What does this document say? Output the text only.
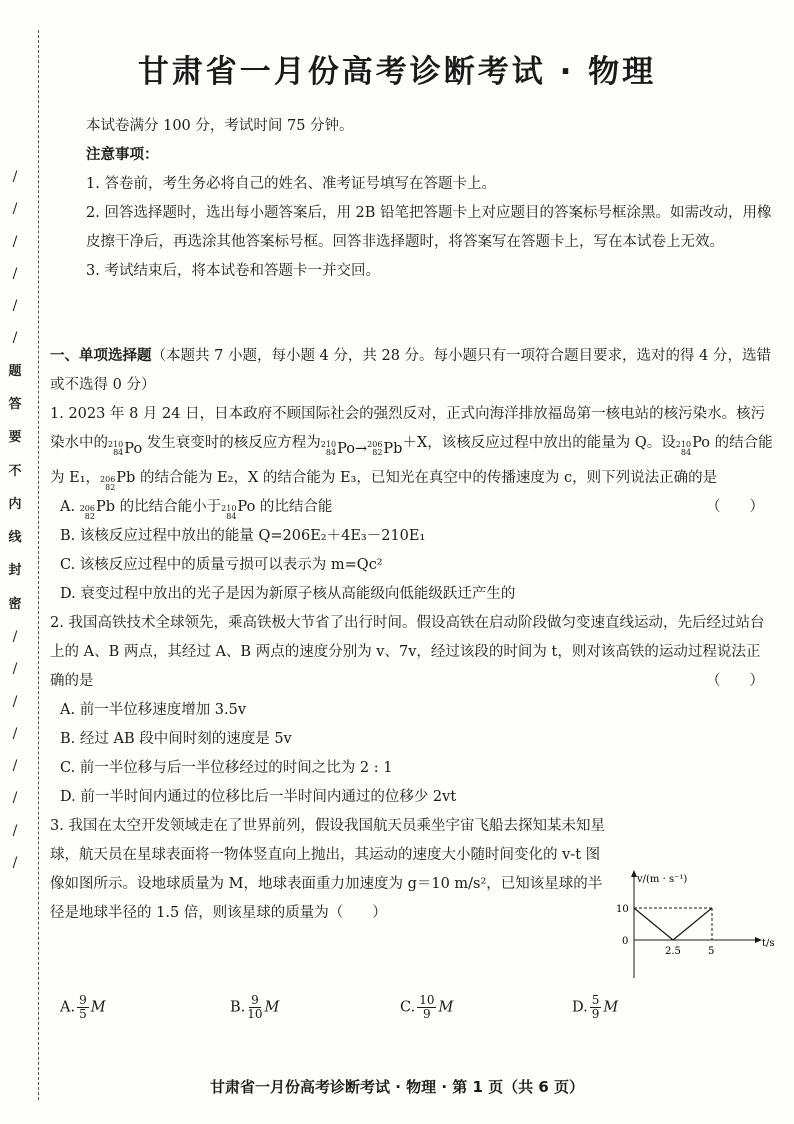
/
/
/
/
/
/
题
答
要
不
内
线
封
密
/
/
/
/
/
/
/
/
甘肃省一月份高考诊断考试 · 物理

本试卷满分 100 分，考试时间 75 分钟。

注意事项：

1. 答卷前，考生务必将自己的姓名、准考证号填写在答题卡上。

2. 回答选择题时，选出每小题答案后，用 2B 铅笔把答题卡上对应题目的答案标号框涂黑。如需改动，用橡皮擦干净后，再选涂其他答案标号框。回答非选择题时，将答案写在答题卡上，写在本试卷上无效。

3. 考试结束后，将本试卷和答题卡一并交回。

一、单项选择题（本题共 7 小题，每小题 4 分，共 28 分。每小题只有一项符合题目要求，选对的得 4 分，选错或不选得 0 分）

1. 2023 年 8 月 24 日，日本政府不顾国际社会的强烈反对，正式向海洋排放福岛第一核电站的核污染水。核污染水中的 210
84 Po 发生衰变时的核反应方程为 210
84 Po→ 206
82 Pb ＋X，该核反应过程中放出的能量为 Q。设 210
84
Po 的结合能为 E₁， 206
82
Pb 的结合能为 E₂，X 的结合能为 E₃，已知光在真空中的传播速度为 c，则下列说法正确的是
（　　）

A. 206
82
Pb 的比结合能小于 210
84
Po 的比结合能

B. 该核反应过程中放出的能量 Q=206E₂＋4E₃－210E₁

C. 该核反应过程中的质量亏损可以表示为 m=Qc²

D. 衰变过程中放出的光子是因为新原子核从高能级向低能级跃迁产生的

2. 我国高铁技术全球领先，乘高铁极大节省了出行时间。假设高铁在启动阶段做匀变速直线运动，先后经过站台上的 A、B 两点，其经过 A、B 两点的速度分别为 v、7v，经过该段的时间为 t，则对该高铁的运动过程说法正确的是	（　　）

A. 前一半位移速度增加 3.5v

B. 经过 AB 段中间时刻的速度是 5v

C. 前一半位移与后一半位移经过的时间之比为 2 : 1

D. 前一半时间内通过的位移比后一半时间内通过的位移少 2vt

3. 我国在太空开发领域走在了世界前列，假设我国航天员乘坐宇宙飞船去探知某未知星球，航天员在星球表面将一物体竖直向上抛出，其运动的速度大小随时间变化的 v-t 图像如图所示。设地球质量为 M，地球表面重力加速度为 g＝10 m/s²，已知该星球的半径是地球半径的 1.5 倍，则该星球的质量为（　　）

v/(m · s⁻¹)
t/s
10
0
2.5	5
A. $\frac{9}{5}$ M	B. $\frac{9}{10}$ M	C. $\frac{10}{9}$ M	D. $\frac{5}{9}$ M
甘肃省一月份高考诊断考试 · 物理 · 第 1 页（共 6 页）
